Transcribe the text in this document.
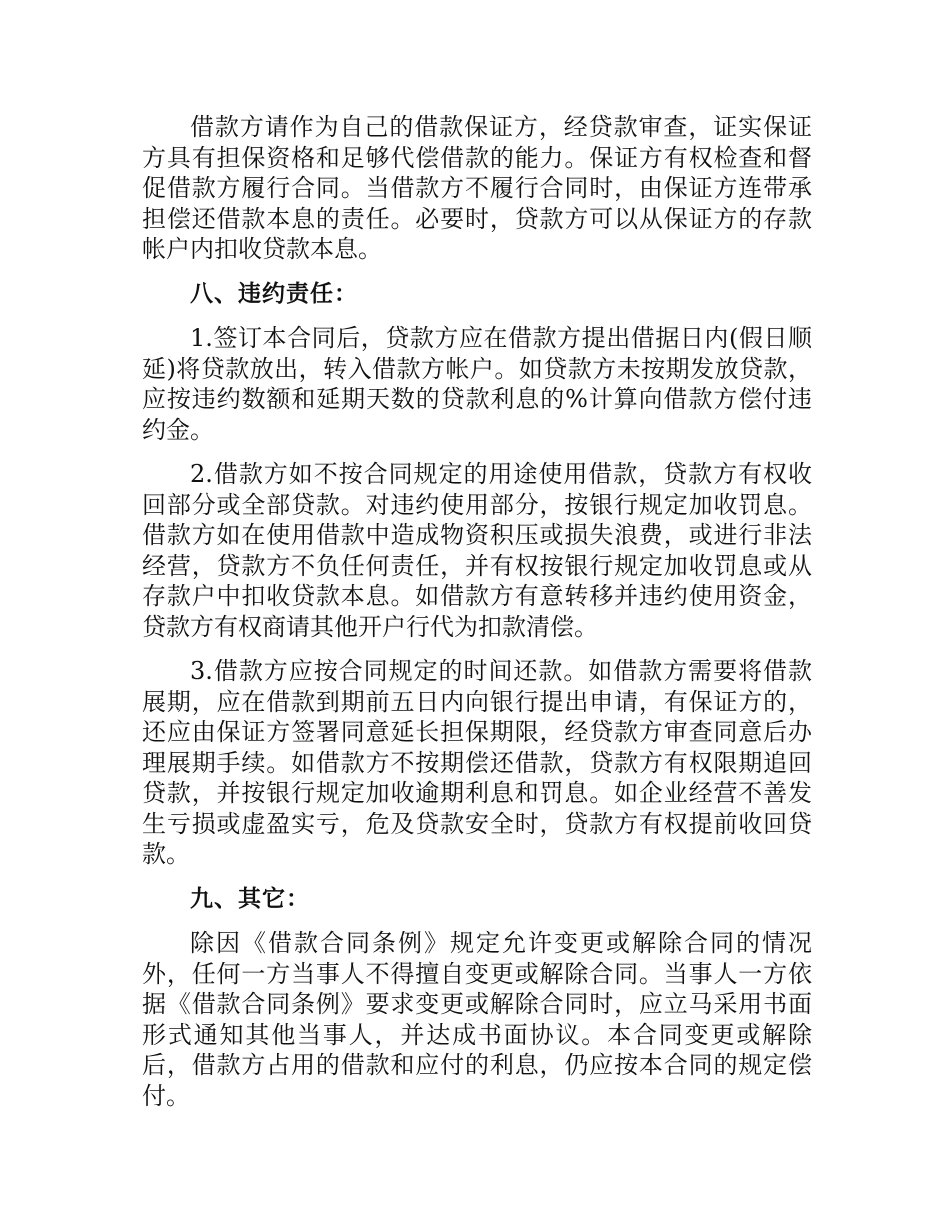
借款方请作为自己的借款保证方，经贷款审查，证实保证方具有担保资格和足够代偿借款的能力。保证方有权检查和督促借款方履行合同。当借款方不履行合同时，由保证方连带承担偿还借款本息的责任。必要时，贷款方可以从保证方的存款帐户内扣收贷款本息。

八、违约责任：

1.签订本合同后，贷款方应在借款方提出借据日内(假日顺延)将贷款放出，转入借款方帐户。如贷款方未按期发放贷款，应按违约数额和延期天数的贷款利息的%计算向借款方偿付违约金。

2.借款方如不按合同规定的用途使用借款，贷款方有权收回部分或全部贷款。对违约使用部分，按银行规定加收罚息。借款方如在使用借款中造成物资积压或损失浪费，或进行非法经营，贷款方不负任何责任，并有权按银行规定加收罚息或从存款户中扣收贷款本息。如借款方有意转移并违约使用资金，贷款方有权商请其他开户行代为扣款清偿。

3.借款方应按合同规定的时间还款。如借款方需要将借款展期，应在借款到期前五日内向银行提出申请，有保证方的，还应由保证方签署同意延长担保期限，经贷款方审查同意后办理展期手续。如借款方不按期偿还借款，贷款方有权限期追回贷款，并按银行规定加收逾期利息和罚息。如企业经营不善发生亏损或虚盈实亏，危及贷款安全时，贷款方有权提前收回贷款。

九、其它：

除因《借款合同条例》规定允许变更或解除合同的情况外，任何一方当事人不得擅自变更或解除合同。当事人一方依据《借款合同条例》要求变更或解除合同时，应立马采用书面形式通知其他当事人，并达成书面协议。本合同变更或解除后，借款方占用的借款和应付的利息，仍应按本合同的规定偿付。
